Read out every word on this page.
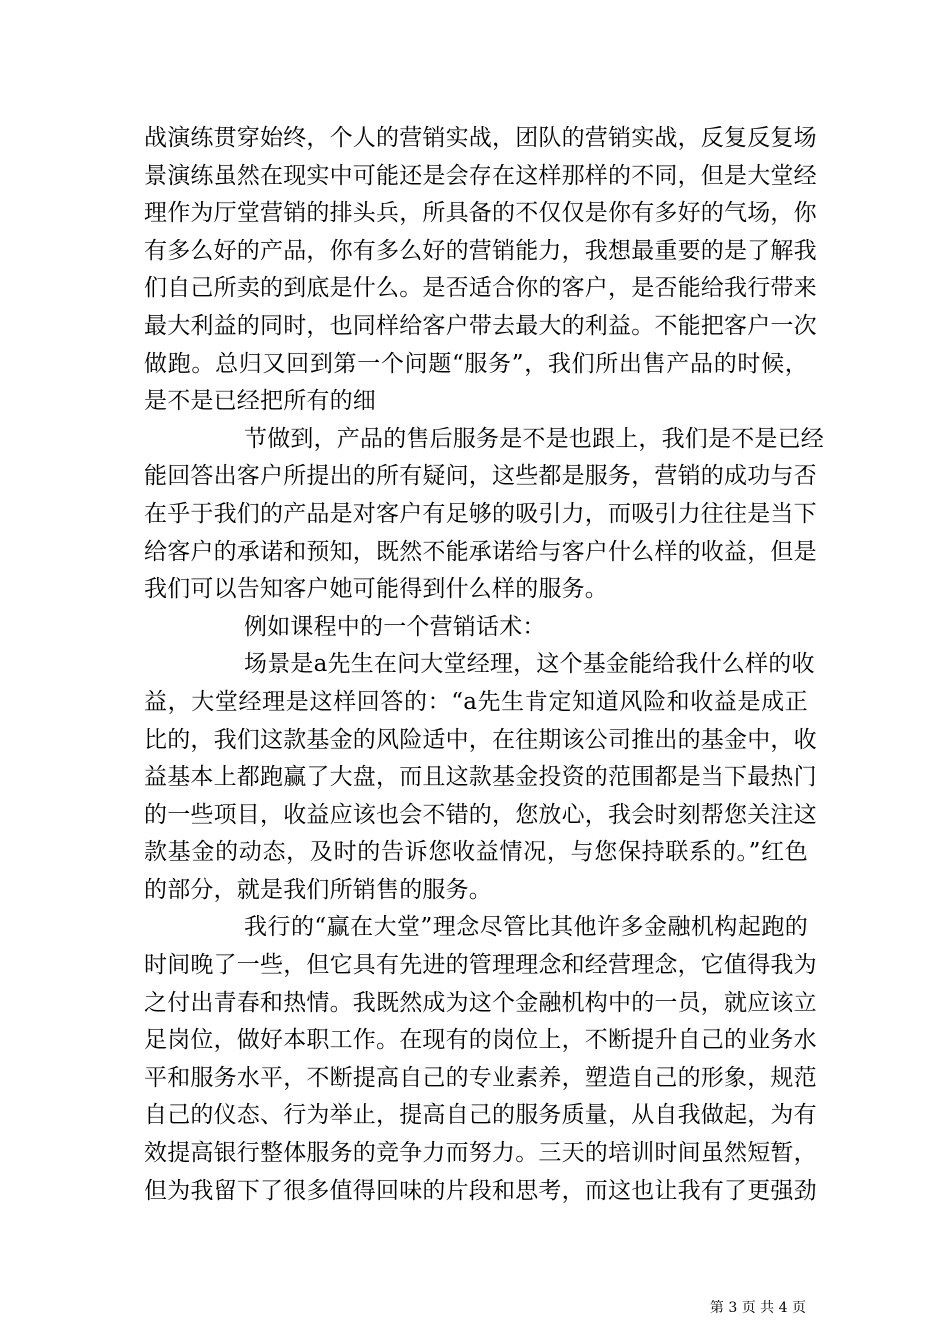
战演练贯穿始终，个人的营销实战，团队的营销实战，反复反复场
景演练虽然在现实中可能还是会存在这样那样的不同，但是大堂经
理作为厅堂营销的排头兵，所具备的不仅仅是你有多好的气场，你
有多么好的产品，你有多么好的营销能力，我想最重要的是了解我
们自己所卖的到底是什么。是否适合你的客户，是否能给我行带来
最大利益的同时，也同样给客户带去最大的利益。不能把客户一次
做跑。总归又回到第一个问题“服务”，我们所出售产品的时候，
是不是已经把所有的细
节做到，产品的售后服务是不是也跟上，我们是不是已经
能回答出客户所提出的所有疑问，这些都是服务，营销的成功与否
在乎于我们的产品是对客户有足够的吸引力，而吸引力往往是当下
给客户的承诺和预知，既然不能承诺给与客户什么样的收益，但是
我们可以告知客户她可能得到什么样的服务。
例如课程中的一个营销话术：
场景是a先生在问大堂经理，这个基金能给我什么样的收
益，大堂经理是这样回答的：“a先生肯定知道风险和收益是成正
比的，我们这款基金的风险适中，在往期该公司推出的基金中，收
益基本上都跑赢了大盘，而且这款基金投资的范围都是当下最热门
的一些项目，收益应该也会不错的，您放心，我会时刻帮您关注这
款基金的动态，及时的告诉您收益情况，与您保持联系的。”红色
的部分，就是我们所销售的服务。
我行的“赢在大堂”理念尽管比其他许多金融机构起跑的
时间晚了一些，但它具有先进的管理理念和经营理念，它值得我为
之付出青春和热情。我既然成为这个金融机构中的一员，就应该立
足岗位，做好本职工作。在现有的岗位上，不断提升自己的业务水
平和服务水平，不断提高自己的专业素养，塑造自己的形象，规范
自己的仪态、行为举止，提高自己的服务质量，从自我做起，为有
效提高银行整体服务的竞争力而努力。三天的培训时间虽然短暂，
但为我留下了很多值得回味的片段和思考，而这也让我有了更强劲
第 3 页 共 4 页
